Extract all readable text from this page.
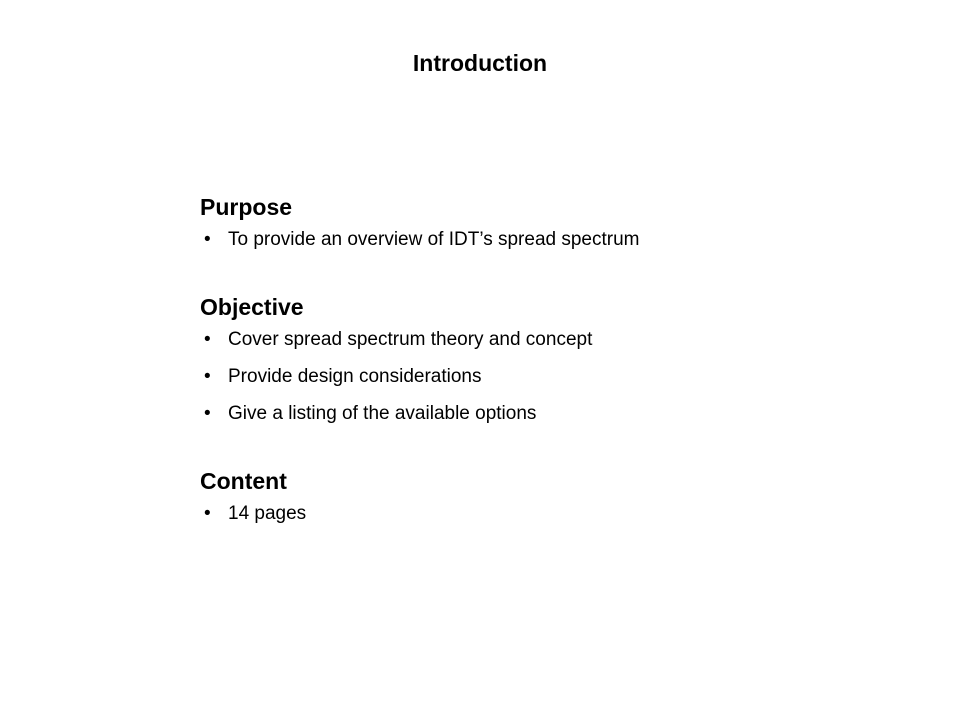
Introduction
Purpose
• To provide an overview of IDT’s spread spectrum
Objective
• Cover spread spectrum theory and concept
• Provide design considerations
• Give a listing of the available options
Content
• 14 pages
